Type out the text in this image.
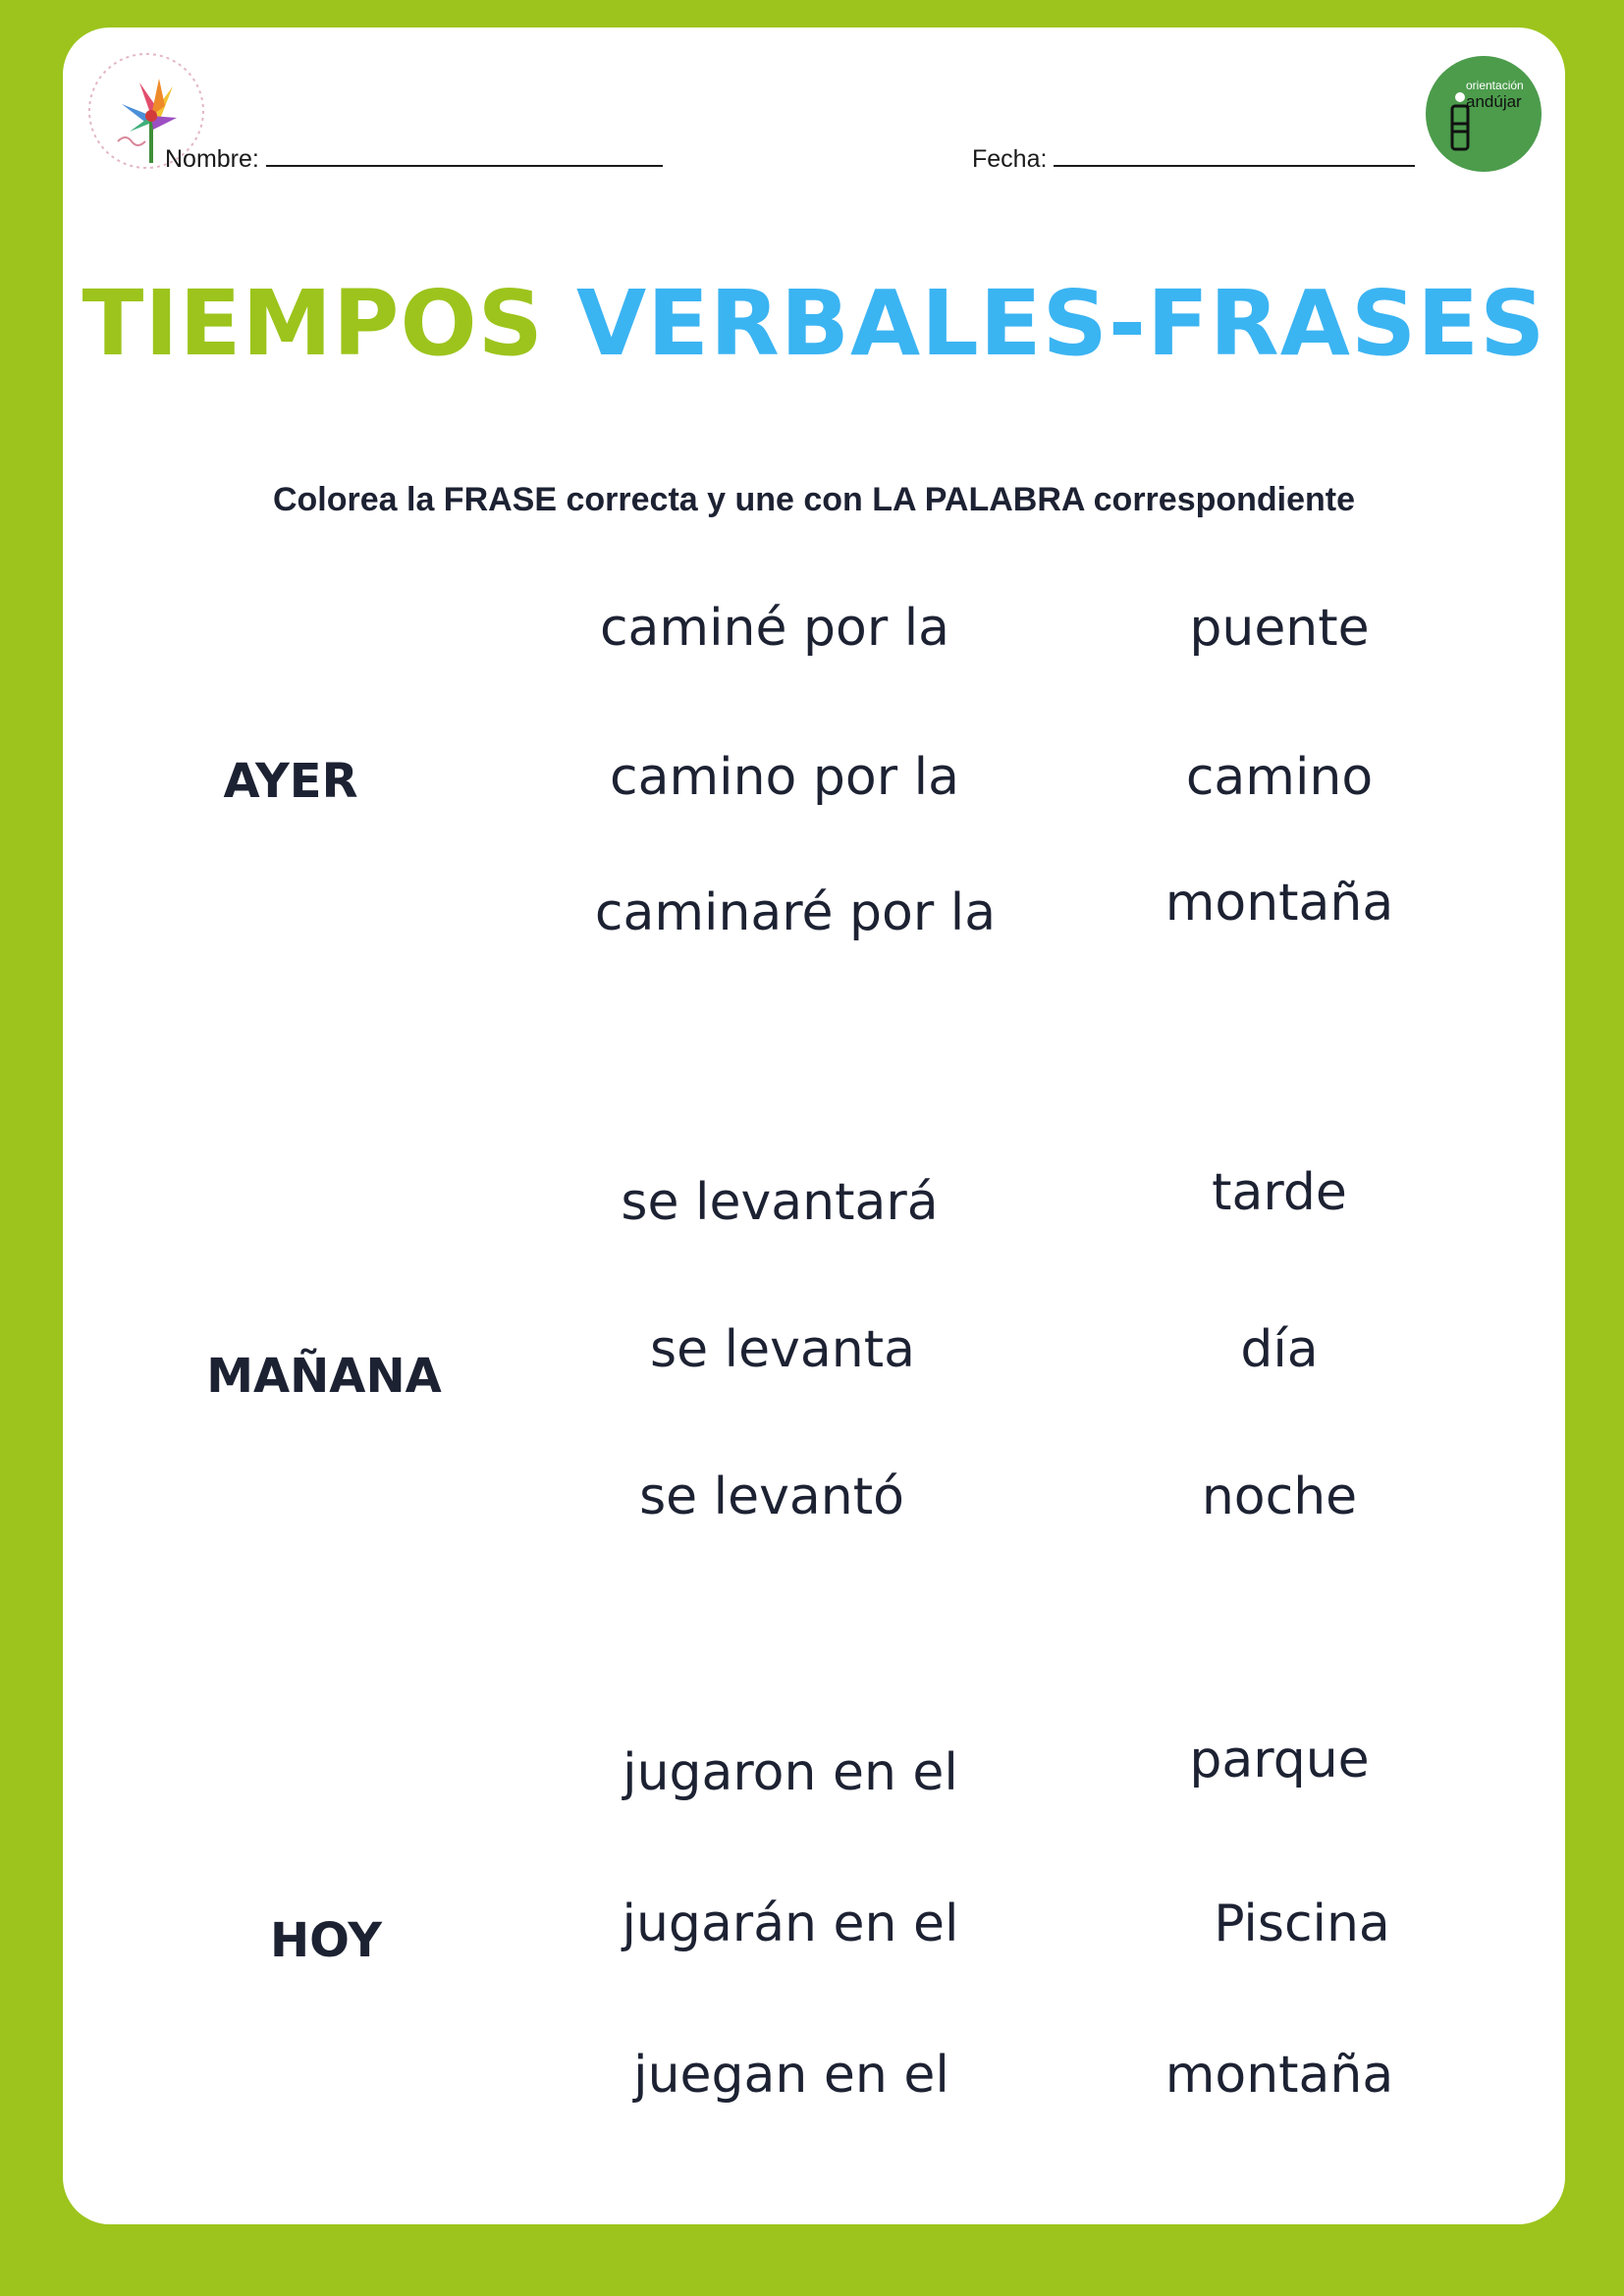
Nombre:	Fecha:
orientación
andújar
TIEMPOS VERBALES-FRASES
Colorea la FRASE correcta y une con LA PALABRA correspondiente
AYER
caminé por la
camino por la
caminaré por la
puente
camino
montaña
MAÑANA
se levantará
se levanta
se levantó
tarde
día
noche
HOY
jugaron en el
jugarán en el
juegan en el
parque
Piscina
montaña
